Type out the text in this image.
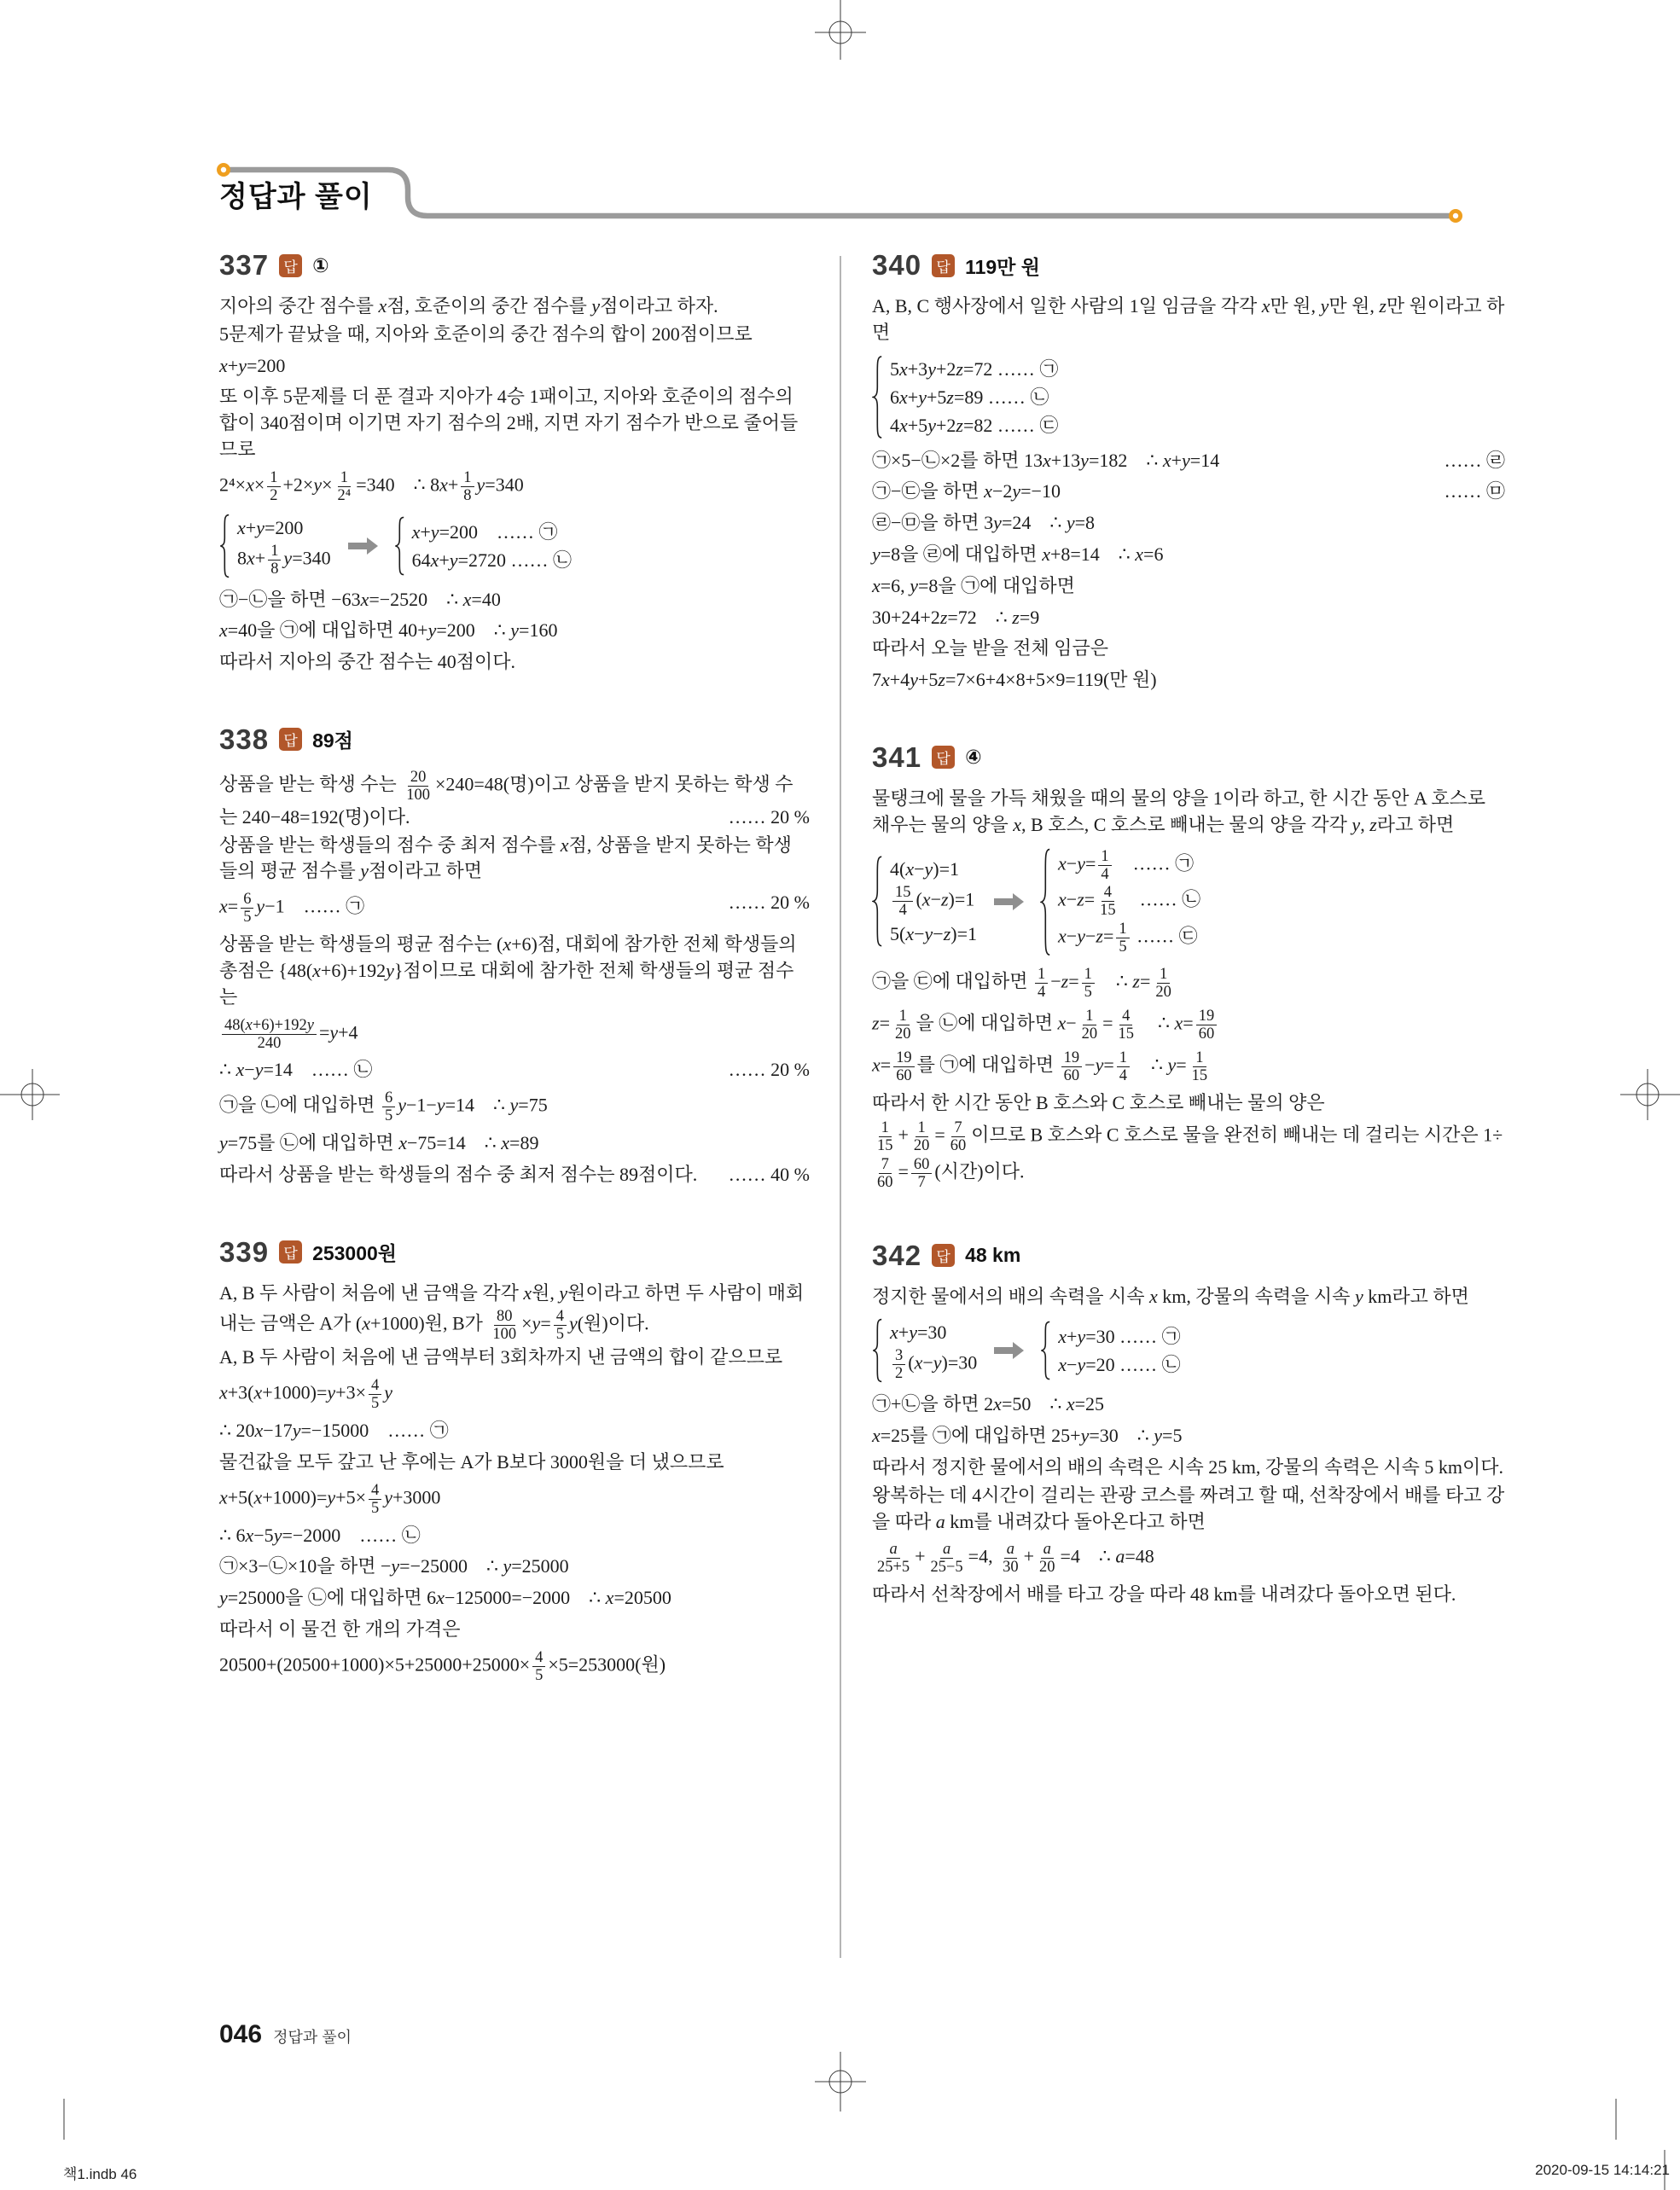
정답과 풀이
337	답 ①

지아의 중간 점수를 x점, 호준이의 중간 점수를 y점이라고 하자.

5문제가 끝났을 때, 지아와 호준이의 중간 점수의 합이 200점이므로

x+y=200

또 이후 5문제를 더 푼 결과 지아가 4승 1패이고, 지아와 호준이의 점수의 합이 340점이며 이기면 자기 점수의 2배, 지면 자기 점수가 반으로 줄어들므로

$2^4\times x\times \frac{1}{2} +2\times y\times \frac{1}{\text{2⁴}} =340$ ∴ $8x+ \frac{1}{8} y=340$

x+y=200
$8x+ \frac{1}{8} y=340$
x+y=200 …… ㉠
64x+y=2720 …… ㉡

㉠−㉡을 하면 −63x=−2520 ∴ x=40

x=40을 ㉠에 대입하면 40+y=200 ∴ y=160

따라서 지아의 중간 점수는 40점이다.

338	답 89점

상품을 받는 학생 수는 $\frac{20}{100} \times 240=48$(명)이고 상품을 받지 못하는 학생 수는 240−48=192(명)이다.	…… 20 %

상품을 받는 학생들의 점수 중 최저 점수를 x점, 상품을 받지 못하는 학생들의 평균 점수를 y점이라고 하면

$x= \frac{6}{5} y-1$ …… ㉠	…… 20 %

상품을 받는 학생들의 평균 점수는 (x+6)점, 대회에 참가한 전체 학생들의 총점은 {48(x+6)+192y}점이므로 대회에 참가한 전체 학생들의 평균 점수는

$\frac{48(x+6)+192y}{240} =y+4$

∴ x−y=14 …… ㉡	…… 20 %

㉠을 ㉡에 대입하면 $\frac{6}{5} y-1-y=14$ ∴ y=75

y=75를 ㉡에 대입하면 x−75=14 ∴ x=89

따라서 상품을 받는 학생들의 점수 중 최저 점수는 89점이다. …… 40 %

339	답 253000원

A, B 두 사람이 처음에 낸 금액을 각각 x원, y원이라고 하면 두 사람이 매회 내는 금액은 A가 (x+1000)원, B가 $\frac{80}{100} \times y= \frac{4}{5} y$(원)이다.

A, B 두 사람이 처음에 낸 금액부터 3회차까지 낸 금액의 합이 같으므로

$x+3(x+1000)=y+3\times \frac{4}{5}$ y

∴ 20x−17y=−15000 …… ㉠

물건값을 모두 갚고 난 후에는 A가 B보다 3000원을 더 냈으므로

$x+5(x+1000)=y+5\times \frac{4}{5} y+3000$

∴ 6x−5y=−2000 …… ㉡

㉠×3−㉡×10을 하면 −y=−25000 ∴ y=25000

y=25000을 ㉡에 대입하면 6x−125000=−2000 ∴ x=20500

따라서 이 물건 한 개의 가격은

$20500+(20500+1000)\times 5+25000+25000\times \frac{4}{5} \times 5=253000$(원)

340	답 119만 원

A, B, C 행사장에서 일한 사람의 1일 임금을 각각 x만 원, y만 원, z만 원이라고 하면

5x+3y+2z=72 …… ㉠
6x+y+5z=89 …… ㉡
4x+5y+2z=82 …… ㉢

㉠×5−㉡×2를 하면 13x+13y=182 ∴ x+y=14	…… ㉣

㉠−㉢을 하면 x−2y=−10	…… ㉤

㉣−㉤을 하면 3y=24 ∴ y=8

y=8을 ㉣에 대입하면 x+8=14 ∴ x=6

x=6, y=8을 ㉠에 대입하면

30+24+2z=72 ∴ z=9

따라서 오늘 받을 전체 임금은

7x+4y+5z=7×6+4×8+5×9=119(만 원)

341	답 ④

물탱크에 물을 가득 채웠을 때의 물의 양을 1이라 하고, 한 시간 동안 A 호스로 채우는 물의 양을 x, B 호스, C 호스로 빼내는 물의 양을 각각 y, z라고 하면

4(x−y)=1
$\frac{15}{4} (x-z)=1$
5(x−y−z)=1
$x-y= \frac{1}{4}$  …… ㉠
$x-z= \frac{4}{15}$  …… ㉡
$x-y-z= \frac{1}{5}$ …… ㉢

㉠을 ㉢에 대입하면 $\frac{1}{4} -z= \frac{1}{5}$  ∴ $z= \frac{1}{20}$

$z= \frac{1}{20}$ 을 ㉡에 대입하면 $x- \frac{1}{20} = \frac{4}{15}$  ∴ $x= \frac{19}{60}$

$x= \frac{19}{60}$ 를 ㉠에 대입하면 $\frac{19}{60} -y= \frac{1}{4}$  ∴ $y= \frac{1}{15}$

따라서 한 시간 동안 B 호스와 C 호스로 빼내는 물의 양은

$\frac{1}{15} + \frac{1}{20} = \frac{7}{60}$ 이므로 B 호스와 C 호스로 물을 완전히 빼내는 데 걸리는 시간은 1÷
$\frac{7}{60} = \frac{60}{7}$ (시간)이다.

342	답 48 km

정지한 물에서의 배의 속력을 시속 x km, 강물의 속력을 시속 y km라고 하면

x+y=30
$\frac{3}{2} (x-y)=30$
x+y=30 …… ㉠
x−y=20 …… ㉡

㉠+㉡을 하면 2x=50 ∴ x=25

x=25를 ㉠에 대입하면 25+y=30 ∴ y=5

따라서 정지한 물에서의 배의 속력은 시속 25 km, 강물의 속력은 시속 5 km이다.

왕복하는 데 4시간이 걸리는 관광 코스를 짜려고 할 때, 선착장에서 배를 타고 강을 따라 a km를 내려갔다 돌아온다고 하면

$\frac{a}{25+5} + \frac{a}{25-5} =4$, $\frac{a}{30} + \frac{a}{20} =4$ ∴ a=48

따라서 선착장에서 배를 타고 강을 따라 48 km를 내려갔다 돌아오면 된다.

046 정답과 풀이
책1.indb 46	2020-09-15 14:14:21
